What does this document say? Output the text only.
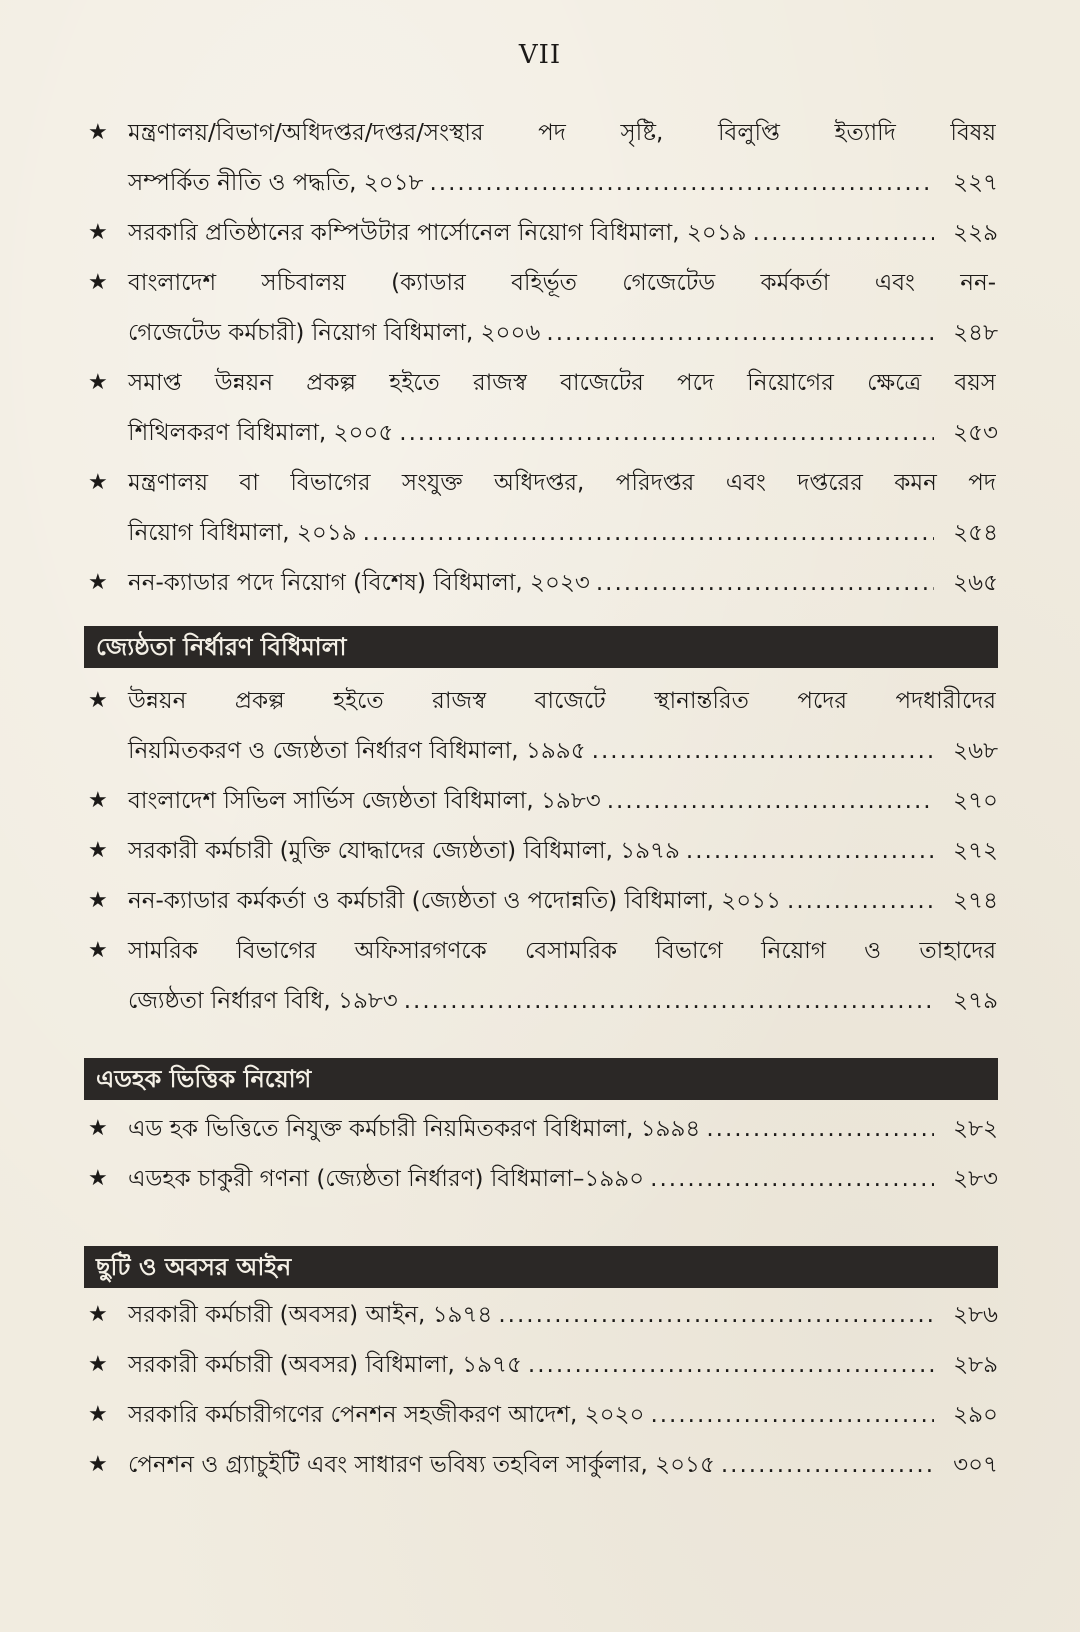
VII
★ মন্ত্রণালয়/বিভাগ/অধিদপ্তর/দপ্তর/সংস্থার পদ সৃষ্টি, বিলুপ্তি ইত্যাদি বিষয়
সম্পর্কিত নীতি ও পদ্ধতি, ২০১৮ .....	২২৭
★ সরকারি প্রতিষ্ঠানের কম্পিউটার পার্সোনেল নিয়োগ বিধিমালা, ২০১৯ .....	২২৯
★ বাংলাদেশ সচিবালয় (ক্যাডার বহির্ভূত গেজেটেড কর্মকর্তা এবং নন-
গেজেটেড কর্মচারী) নিয়োগ বিধিমালা, ২০০৬ .....	২৪৮
★ সমাপ্ত উন্নয়ন প্রকল্প হইতে রাজস্ব বাজেটের পদে নিয়োগের ক্ষেত্রে বয়স
শিথিলকরণ বিধিমালা, ২০০৫ .....	২৫৩
★ মন্ত্রণালয় বা বিভাগের সংযুক্ত অধিদপ্তর, পরিদপ্তর এবং দপ্তরের কমন পদ
নিয়োগ বিধিমালা, ২০১৯ .....	২৫৪
★ নন-ক্যাডার পদে নিয়োগ (বিশেষ) বিধিমালা, ২০২৩ .....	২৬৫
জ্যেষ্ঠতা নির্ধারণ বিধিমালা
★ উন্নয়ন প্রকল্প হইতে রাজস্ব বাজেটে স্থানান্তরিত পদের পদধারীদের
নিয়মিতকরণ ও জ্যেষ্ঠতা নির্ধারণ বিধিমালা, ১৯৯৫ .....	২৬৮
★ বাংলাদেশ সিভিল সার্ভিস জ্যেষ্ঠতা বিধিমালা, ১৯৮৩ .....	২৭০
★ সরকারী কর্মচারী (মুক্তি যোদ্ধাদের জ্যেষ্ঠতা) বিধিমালা, ১৯৭৯ .....	২৭২
★ নন-ক্যাডার কর্মকর্তা ও কর্মচারী (জ্যেষ্ঠতা ও পদোন্নতি) বিধিমালা, ২০১১ .....	২৭৪
★ সামরিক বিভাগের অফিসারগণকে বেসামরিক বিভাগে নিয়োগ ও তাহাদের
জ্যেষ্ঠতা নির্ধারণ বিধি, ১৯৮৩ .....	২৭৯
এডহক ভিত্তিক নিয়োগ
★ এড হক ভিত্তিতে নিযুক্ত কর্মচারী নিয়মিতকরণ বিধিমালা, ১৯৯৪ .....	২৮২
★ এডহক চাকুরী গণনা (জ্যেষ্ঠতা নির্ধারণ) বিধিমালা–১৯৯০ .....	২৮৩
ছুটি ও অবসর আইন
★ সরকারী কর্মচারী (অবসর) আইন, ১৯৭৪ .....	২৮৬
★ সরকারী কর্মচারী (অবসর) বিধিমালা, ১৯৭৫ .....	২৮৯
★ সরকারি কর্মচারীগণের পেনশন সহজীকরণ আদেশ, ২০২০ .....	২৯০
★ পেনশন ও গ্র্যাচুইটি এবং সাধারণ ভবিষ্য তহবিল সার্কুলার, ২০১৫ .....	৩০৭
